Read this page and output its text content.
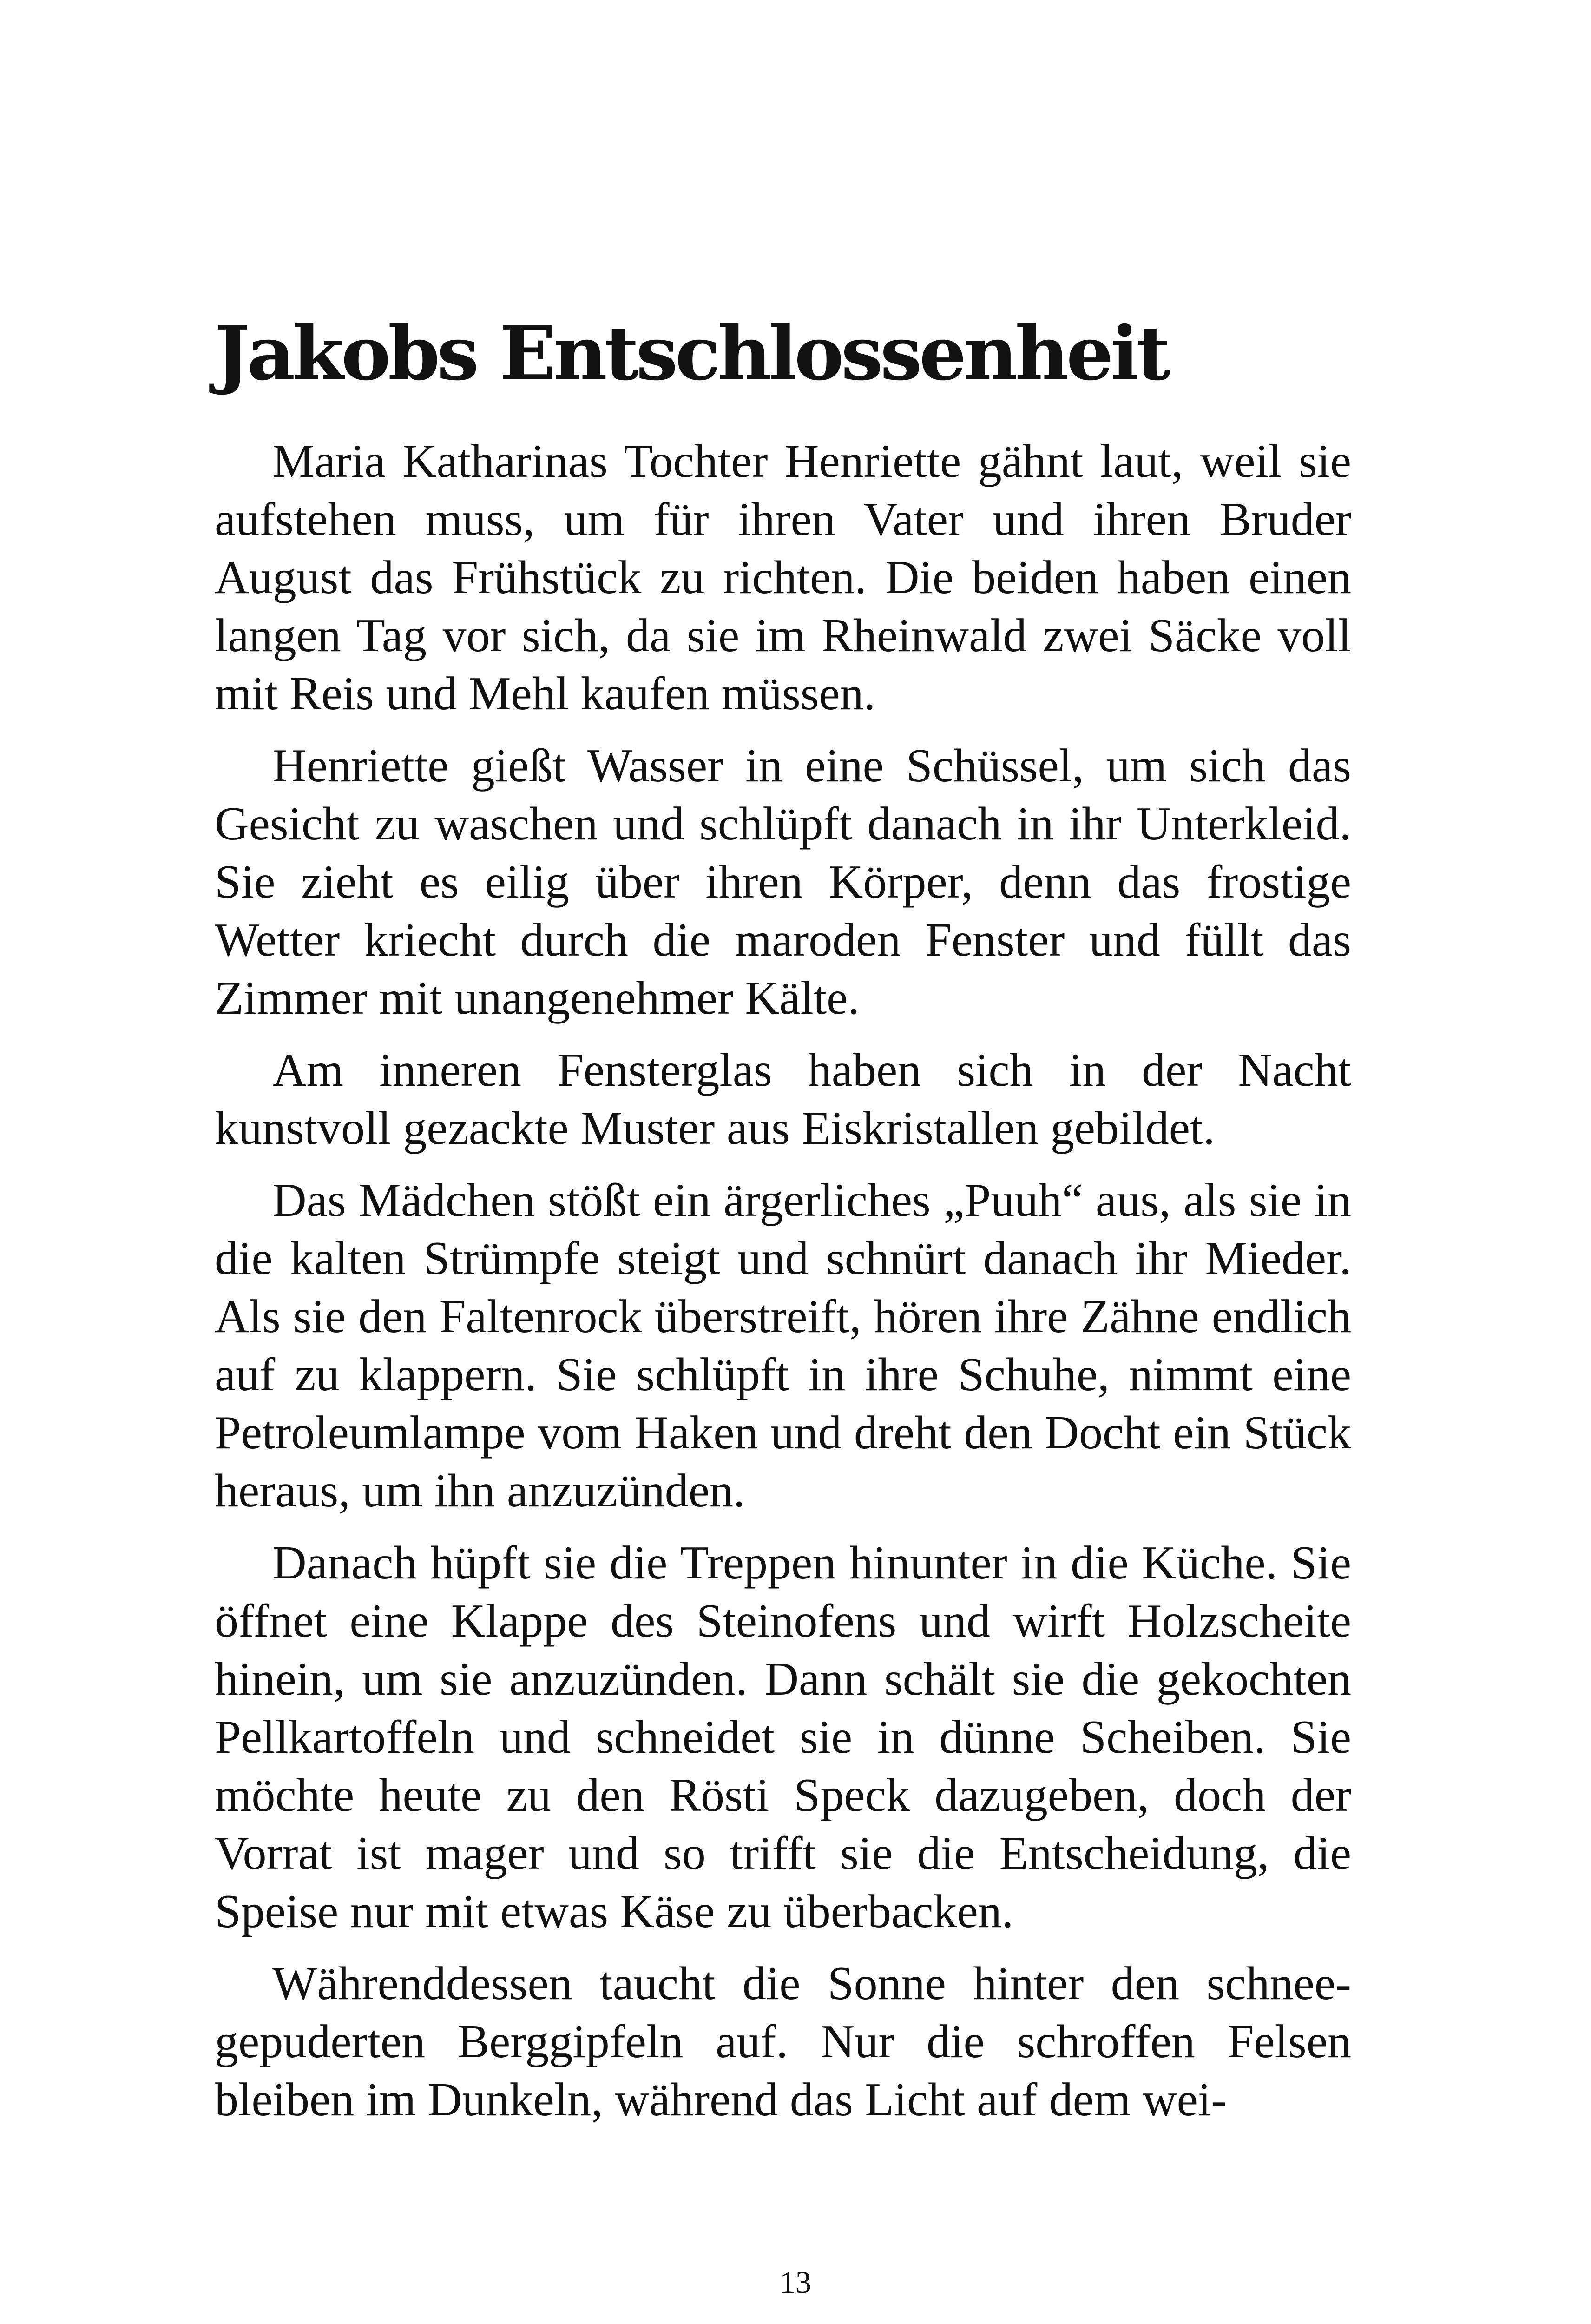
Jakobs Entschlossenheit

Maria Katharinas Tochter Henriette gähnt laut, weil sie aufstehen muss, um für ihren Vater und ihren Bruder August das Frühstück zu richten. Die beiden haben einen langen Tag vor sich, da sie im Rheinwald zwei Säcke voll mit Reis und Mehl kaufen müssen.

Henriette gießt Wasser in eine Schüssel, um sich das Gesicht zu waschen und schlüpft danach in ihr Unterkleid. Sie zieht es eilig über ihren Körper, denn das frostige Wetter kriecht durch die maroden Fenster und füllt das Zimmer mit unangenehmer Kälte.

Am inneren Fensterglas haben sich in der Nacht kunstvoll gezackte Muster aus Eiskristallen gebildet.

Das Mädchen stößt ein ärgerliches „Puuh“ aus, als sie in die kalten Strümpfe steigt und schnürt danach ihr Mieder. Als sie den Faltenrock überstreift, hören ihre Zähne endlich auf zu klappern. Sie schlüpft in ihre Schuhe, nimmt eine Petroleumlampe vom Haken und dreht den Docht ein Stück heraus, um ihn anzuzünden.

Danach hüpft sie die Treppen hinunter in die Küche. Sie öffnet eine Klappe des Steinofens und wirft Holzscheite hinein, um sie anzuzünden. Dann schält sie die gekochten Pellkartoffeln und schneidet sie in dünne Scheiben. Sie möchte heute zu den Rösti Speck dazugeben, doch der Vorrat ist mager und so trifft sie die Entscheidung, die Speise nur mit etwas Käse zu überbacken.

Währenddessen taucht die Sonne hinter den schneegepuderten Berggipfeln auf. Nur die schroffen Felsen bleiben im Dunkeln, während das Licht auf dem wei-

13
